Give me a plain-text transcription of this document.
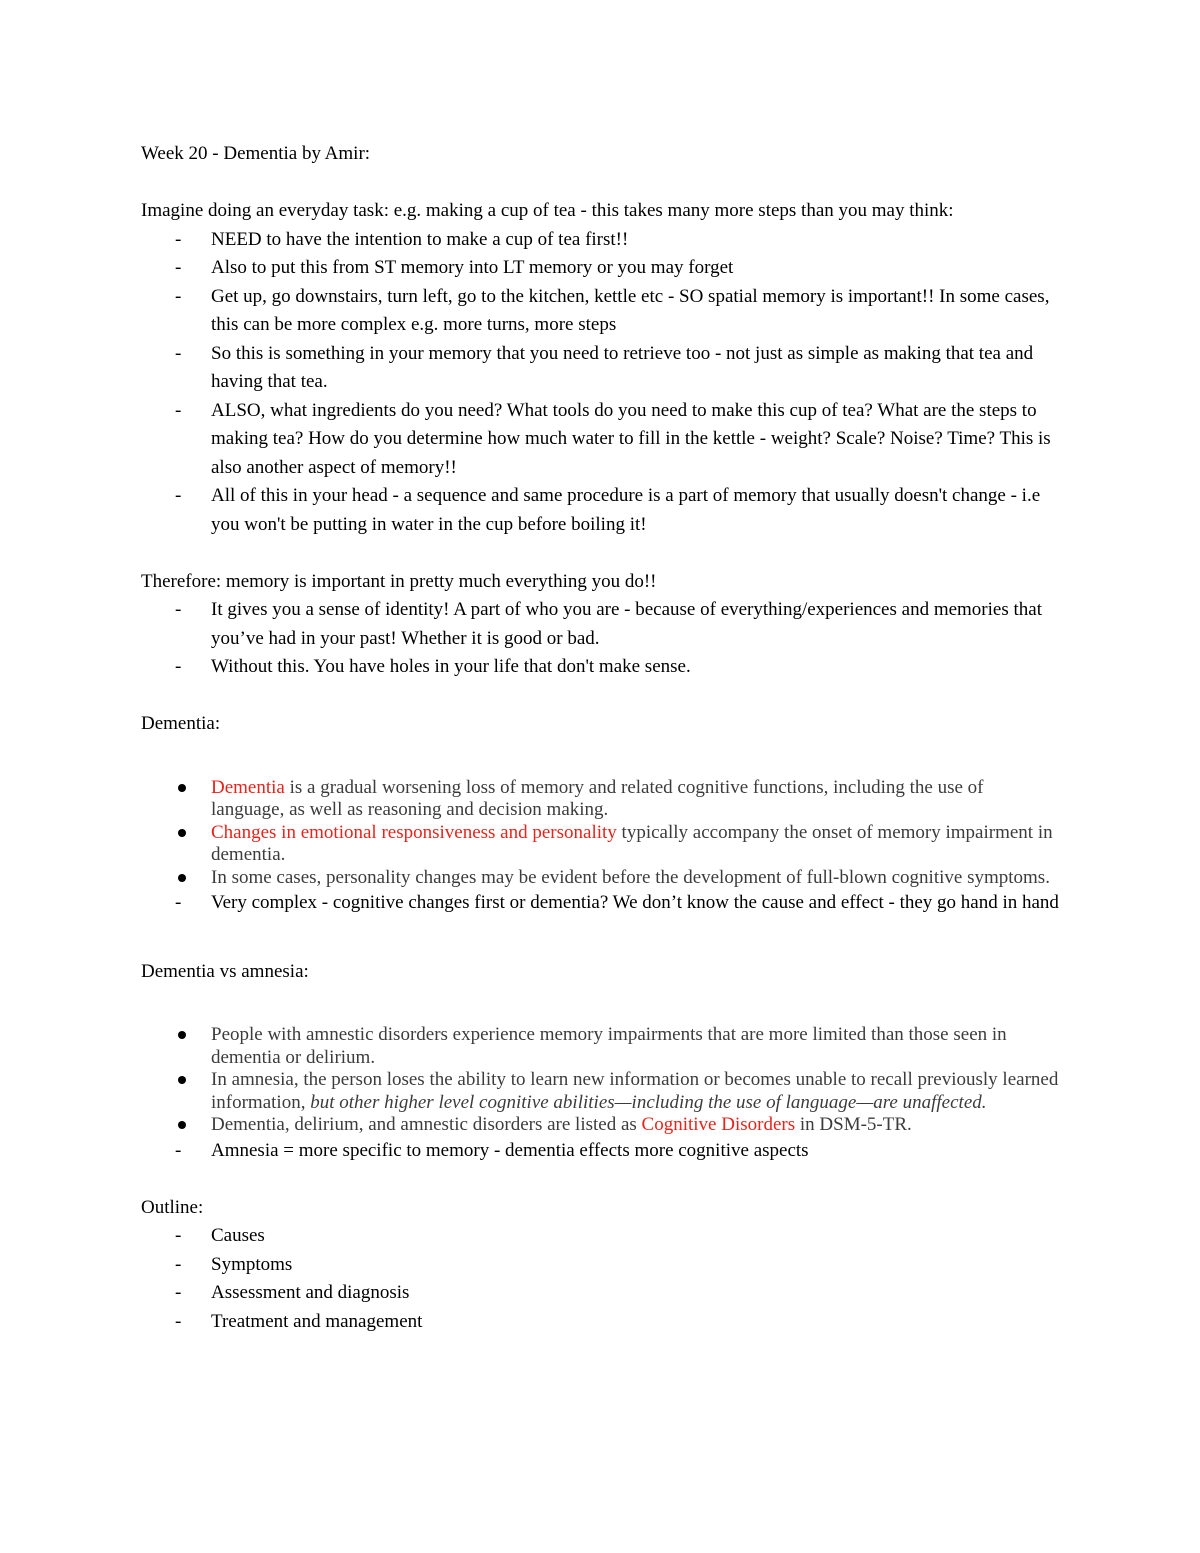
Week 20 - Dementia by Amir:

Imagine doing an everyday task: e.g. making a cup of tea - this takes many more steps than you may think:

- NEED to have the intention to make a cup of tea first!!
- Also to put this from ST memory into LT memory or you may forget
- Get up, go downstairs, turn left, go to the kitchen, kettle etc - SO spatial memory is important!! In some cases, this can be more complex e.g. more turns, more steps
- So this is something in your memory that you need to retrieve too - not just as simple as making that tea and having that tea.
- ALSO, what ingredients do you need? What tools do you need to make this cup of tea? What are the steps to making tea? How do you determine how much water to fill in the kettle - weight? Scale? Noise? Time? This is also another aspect of memory!!
- All of this in your head - a sequence and same procedure is a part of memory that usually doesn't change - i.e you won't be putting in water in the cup before boiling it!

Therefore: memory is important in pretty much everything you do!!

- It gives you a sense of identity! A part of who you are - because of everything/experiences and memories that you’ve had in your past! Whether it is good or bad.
- Without this. You have holes in your life that don't make sense.

Dementia:

Dementia is a gradual worsening loss of memory and related cognitive functions, including the use of language, as well as reasoning and decision making.
Changes in emotional responsiveness and personality typically accompany the onset of memory impairment in dementia.
In some cases, personality changes may be evident before the development of full-blown cognitive symptoms.
- Very complex - cognitive changes first or dementia? We don’t know the cause and effect - they go hand in hand

Dementia vs amnesia:

People with amnestic disorders experience memory impairments that are more limited than those seen in dementia or delirium.
In amnesia, the person loses the ability to learn new information or becomes unable to recall previously learned information, but other higher level cognitive abilities—including the use of language—are unaffected.
Dementia, delirium, and amnestic disorders are listed as Cognitive Disorders in DSM-5-TR.
- Amnesia = more specific to memory - dementia effects more cognitive aspects

Outline:

- Causes
- Symptoms
- Assessment and diagnosis
- Treatment and management
